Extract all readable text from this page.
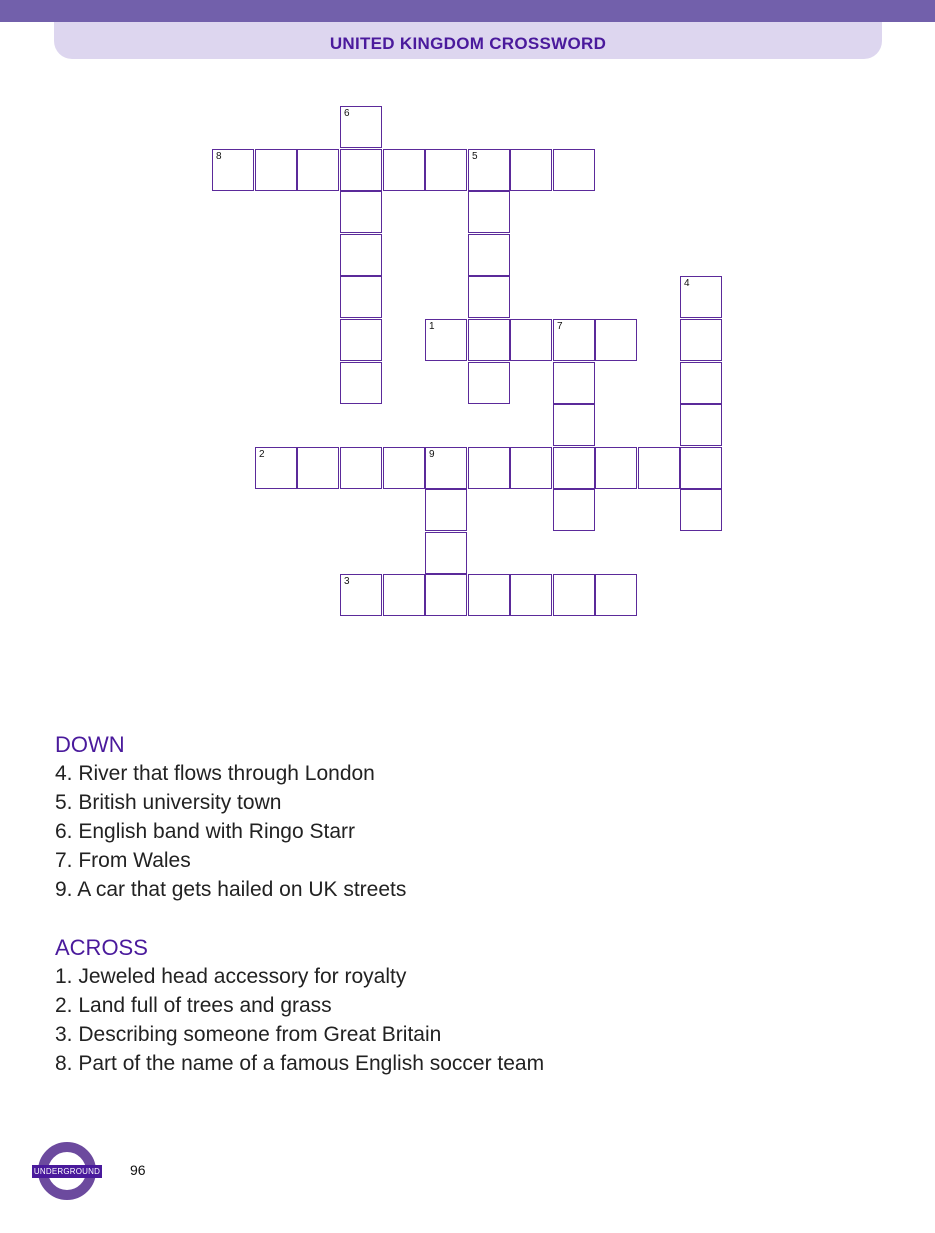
UNITED KINGDOM CROSSWORD
6
8	5
4
1	7
2	9
3
DOWN
4. River that flows through London
5. British university town
6. English band with Ringo Starr
7. From Wales
9. A car that gets hailed on UK streets
ACROSS
1. Jeweled head accessory for royalty
2. Land full of trees and grass
3. Describing someone from Great Britain
8. Part of the name of a famous English soccer team
UNDERGROUND 96
